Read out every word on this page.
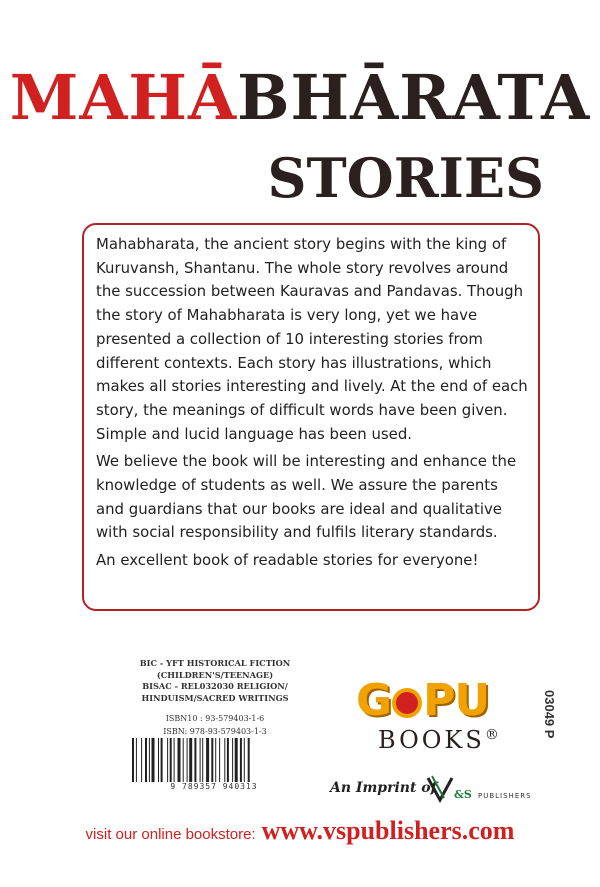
MAHĀBHĀRATA
STORIES

Mahabharata, the ancient story begins with the king of Kuruvansh, Shantanu. The whole story revolves around the succession between Kauravas and Pandavas. Though the story of Mahabharata is very long, yet we have presented a collection of 10 interesting stories from different contexts. Each story has illustrations, which makes all stories interesting and lively. At the end of each story, the meanings of difficult words have been given. Simple and lucid language has been used.

We believe the book will be interesting and enhance the knowledge of students as well. We assure the parents and guardians that our books are ideal and qualitative with social responsibility and fulfils literary standards.

An excellent book of readable stories for everyone!

BIC - YFT HISTORICAL FICTION
(CHILDREN'S/TEENAGE)
BISAC - REL032030 RELIGION/
HINDUISM/SACRED WRITINGS
ISBN10 : 93-579403-1-6
ISBN: 978-93-579403-1-3
9 789357 940313
03049 P
G PU
BOOKS®
An Imprint of &S PUBLISHERS
visit our online bookstore: www.vspublishers.com
